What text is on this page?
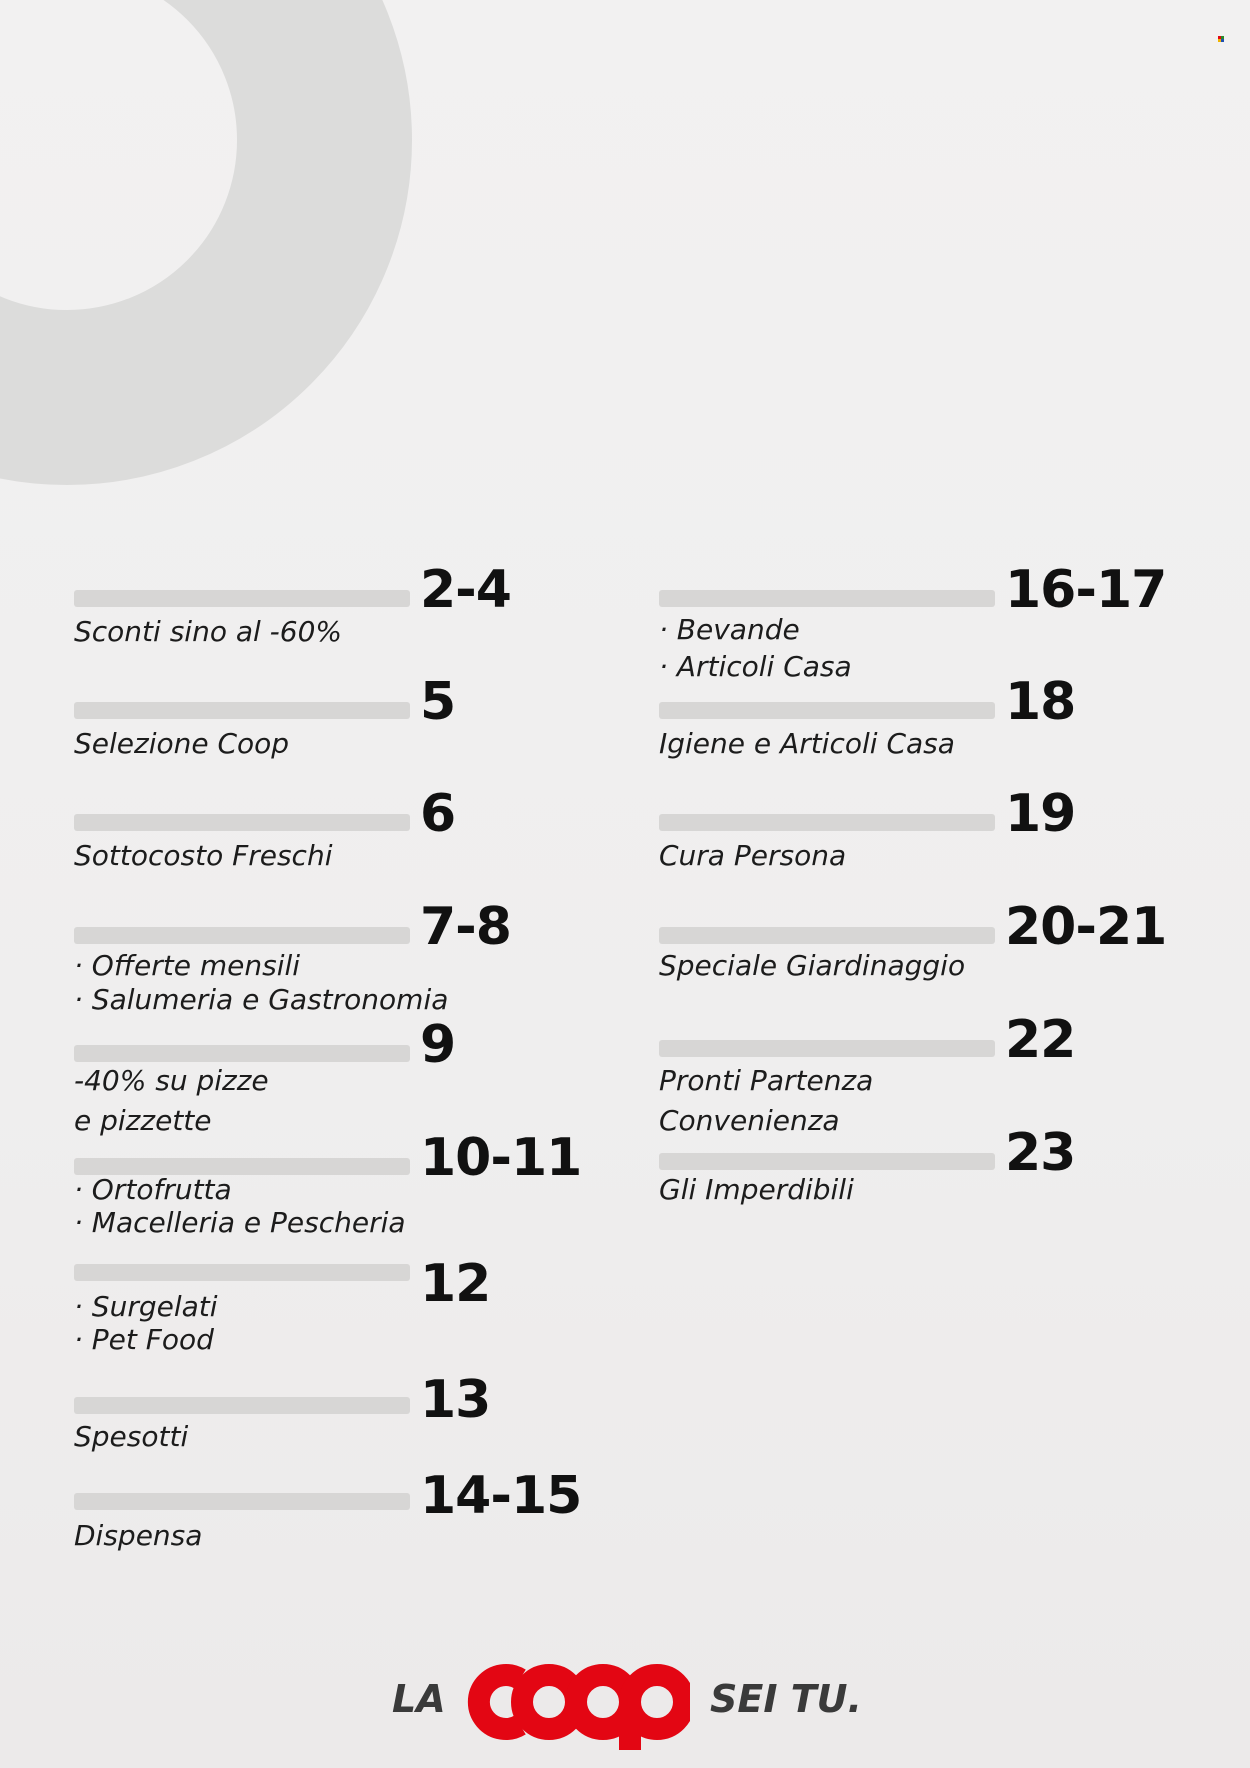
2-4
Sconti sino al -60%
5
Selezione Coop
6
Sottocosto Freschi
7-8
· Offerte mensili
· Salumeria e Gastronomia
9
-40% su pizze
e pizzette
10-11
· Ortofrutta
· Macelleria e Pescheria
12
· Surgelati
· Pet Food
13
Spesotti
14-15
Dispensa
16-17
· Bevande
· Articoli Casa
18
Igiene e Articoli Casa
19
Cura Persona
20-21
Speciale Giardinaggio
22
Pronti Partenza
Convenienza
23
Gli Imperdibili
LA	SEI TU.
